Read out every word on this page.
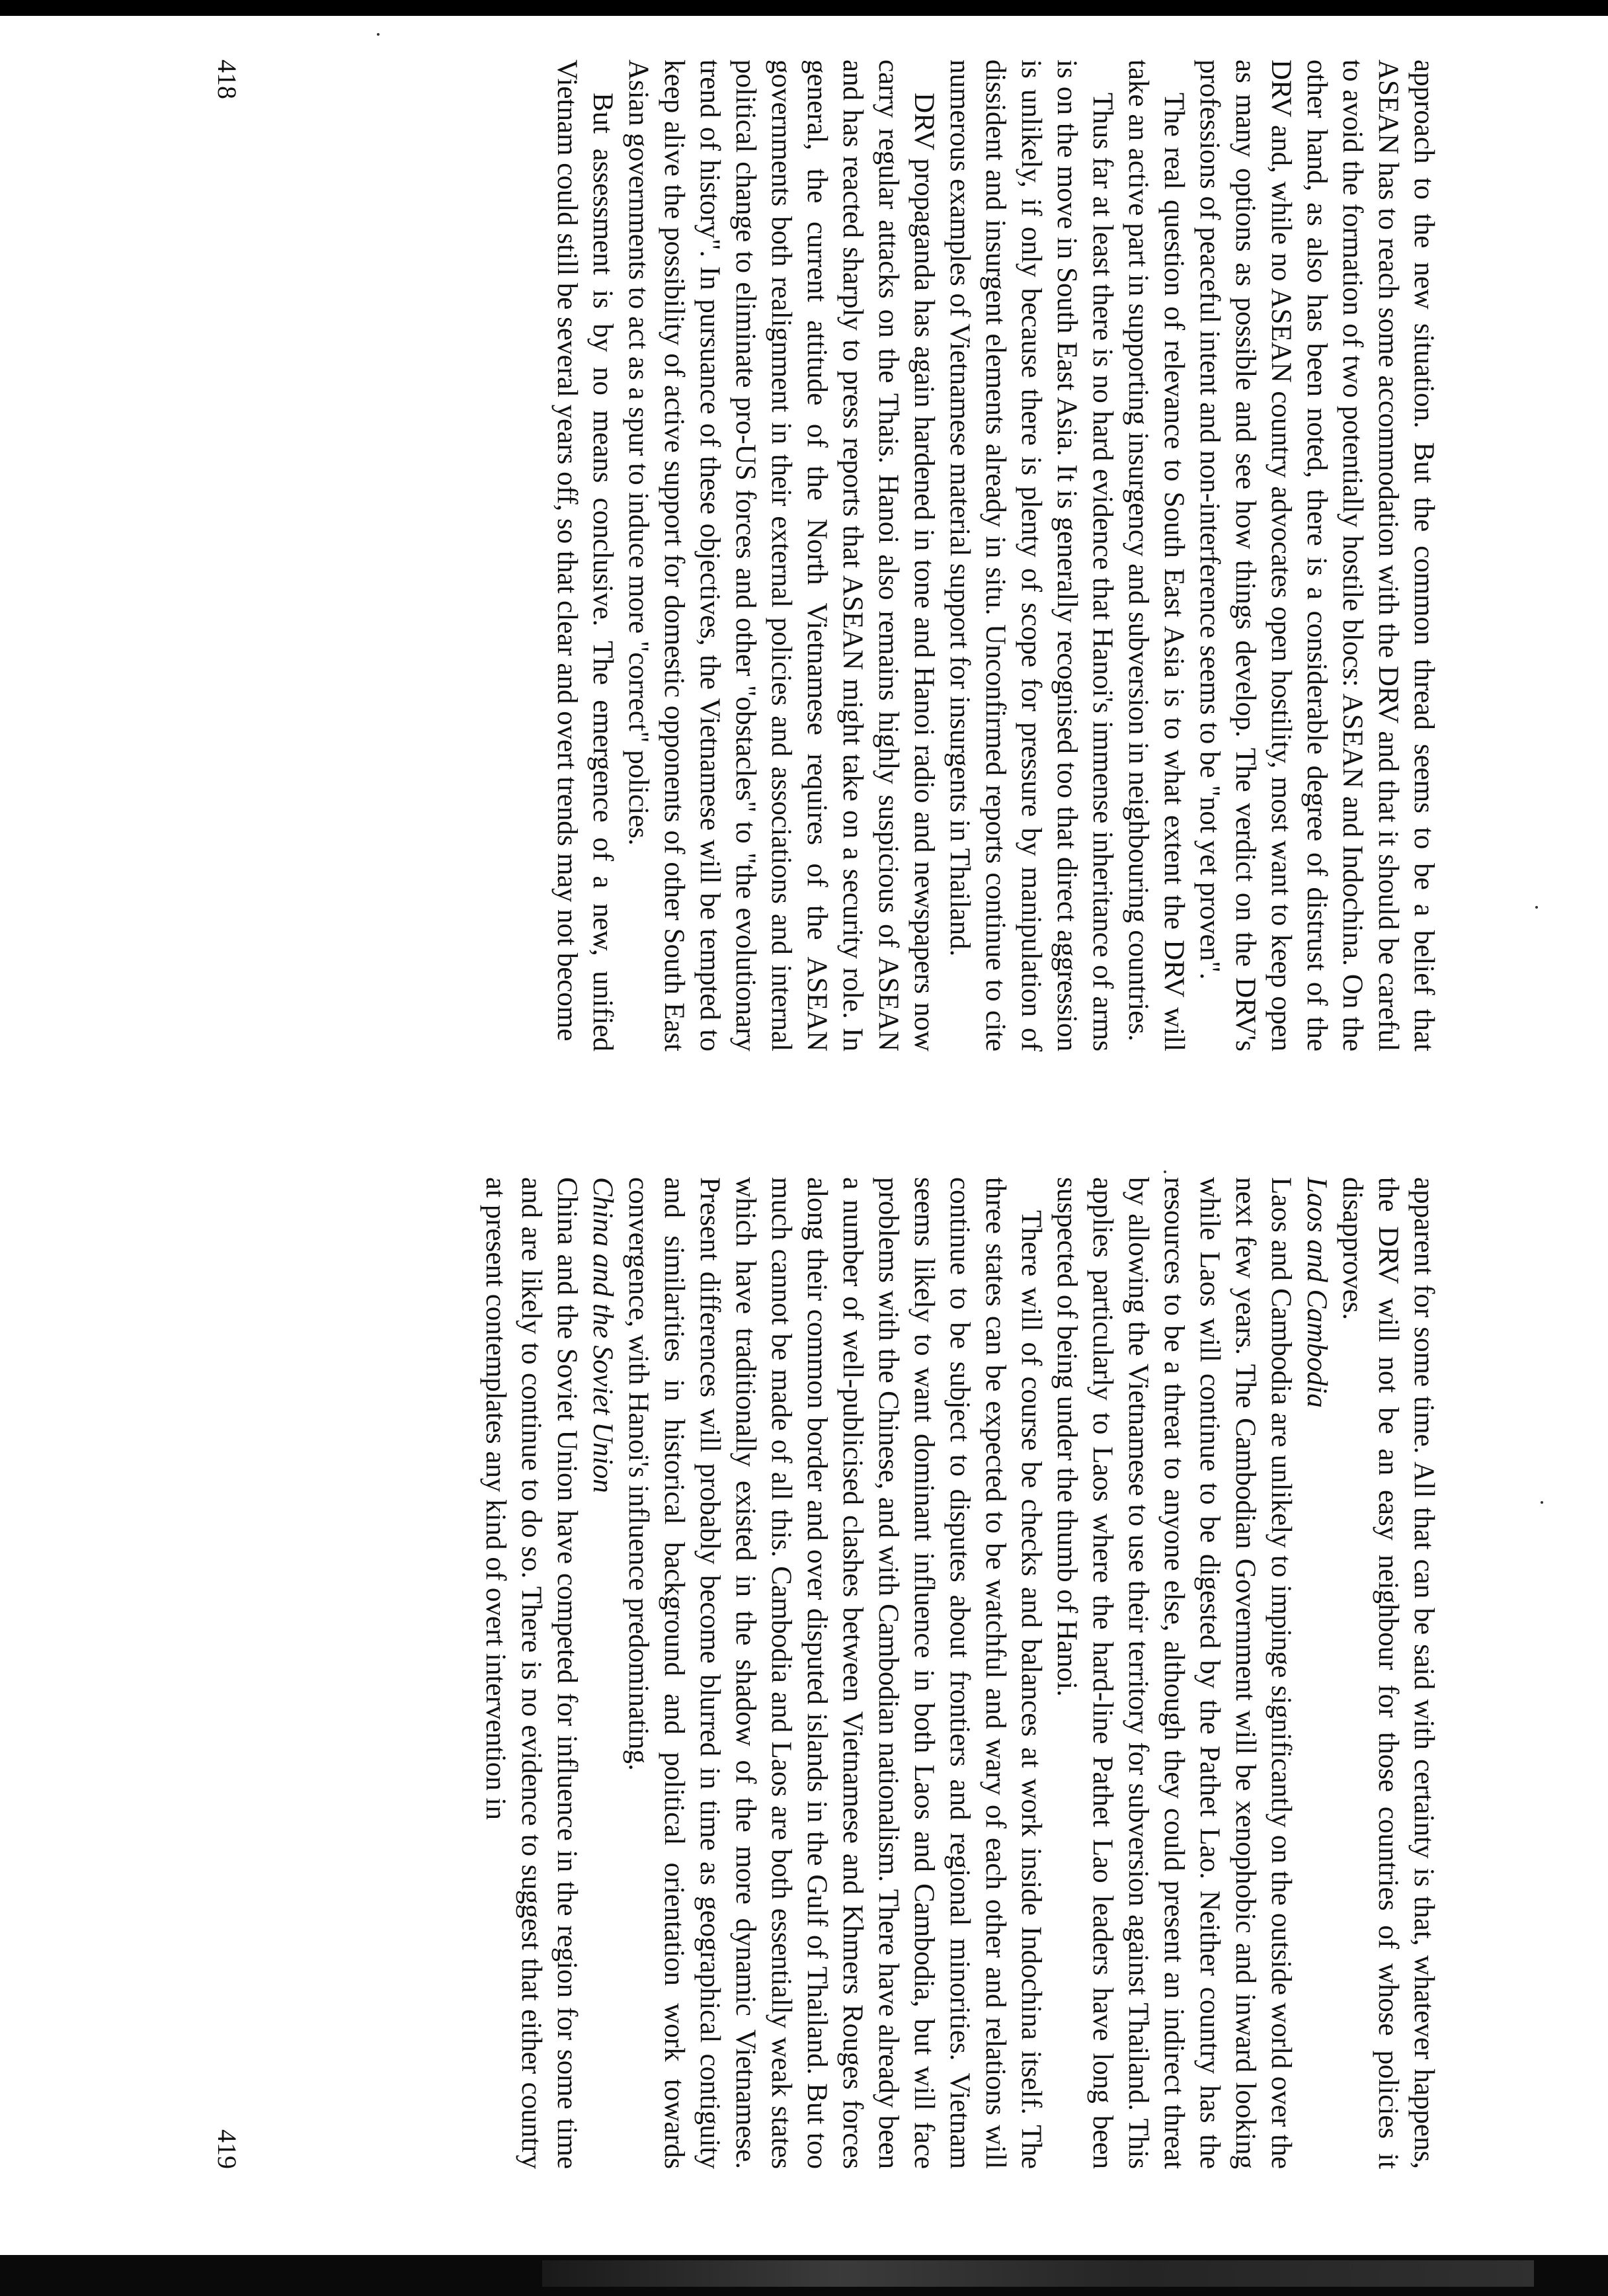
approach to the new situation. But the common thread seems to be a belief that ASEAN has to reach some accommodation with the DRV and that it should be careful to avoid the formation of two potentially hostile blocs: ASEAN and Indochina. On the other hand, as also has been noted, there is a considerable degree of distrust of the DRV and, while no ASEAN country advocates open hostility, most want to keep open as many options as possible and see how things develop. The verdict on the DRV's professions of peaceful intent and non-interference seems to be "not yet proven".

The real question of relevance to South East Asia is to what extent the DRV will take an active part in supporting insurgency and subversion in neighbouring countries.

Thus far at least there is no hard evidence that Hanoi's immense inheritance of arms is on the move in South East Asia. It is generally recognised too that direct aggression is unlikely, if only because there is plenty of scope for pressure by manipulation of dissident and insurgent elements already in situ. Unconfirmed reports continue to cite numerous examples of Vietnamese material support for insurgents in Thailand.

DRV propaganda has again hardened in tone and Hanoi radio and newspapers now carry regular attacks on the Thais. Hanoi also remains highly suspicious of ASEAN and has reacted sharply to press reports that ASEAN might take on a security role. In general, the current attitude of the North Vietnamese requires of the ASEAN governments both realignment in their external policies and associations and internal political change to eliminate pro-US forces and other "obstacles" to "the evolutionary trend of history". In pursuance of these objectives, the Vietnamese will be tempted to keep alive the possibility of active support for domestic opponents of other South East Asian governments to act as a spur to induce more "correct" policies.

But assessment is by no means conclusive. The emergence of a new, unified Vietnam could still be several years off, so that clear and overt trends may not become

418

apparent for some time. All that can be said with certainty is that, whatever happens, the DRV will not be an easy neighbour for those countries of whose policies it disapproves.

Laos and Cambodia

Laos and Cambodia are unlikely to impinge significantly on the outside world over the next few years. The Cambodian Government will be xenophobic and inward looking while Laos will continue to be digested by the Pathet Lao. Neither country has the resources to be a threat to anyone else, although they could present an indirect threat by allowing the Vietnamese to use their territory for subversion against Thailand. This applies particularly to Laos where the hard-line Pathet Lao leaders have long been suspected of being under the thumb of Hanoi.

There will of course be checks and balances at work inside Indochina itself. The three states can be expected to be watchful and wary of each other and relations will continue to be subject to disputes about frontiers and regional minorities. Vietnam seems likely to want dominant influence in both Laos and Cambodia, but will face problems with the Chinese, and with Cambodian nationalism. There have already been a number of well-publicised clashes between Vietnamese and Khmers Rouges forces along their common border and over disputed islands in the Gulf of Thailand. But too much cannot be made of all this. Cambodia and Laos are both essentially weak states which have traditionally existed in the shadow of the more dynamic Vietnamese. Present differences will probably become blurred in time as geographical contiguity and similarities in historical background and political orientation work towards convergence, with Hanoi's influence predominating.

China and the Soviet Union

China and the Soviet Union have competed for influence in the region for some time and are likely to continue to do so. There is no evidence to suggest that either country at present contemplates any kind of overt intervention in

419
